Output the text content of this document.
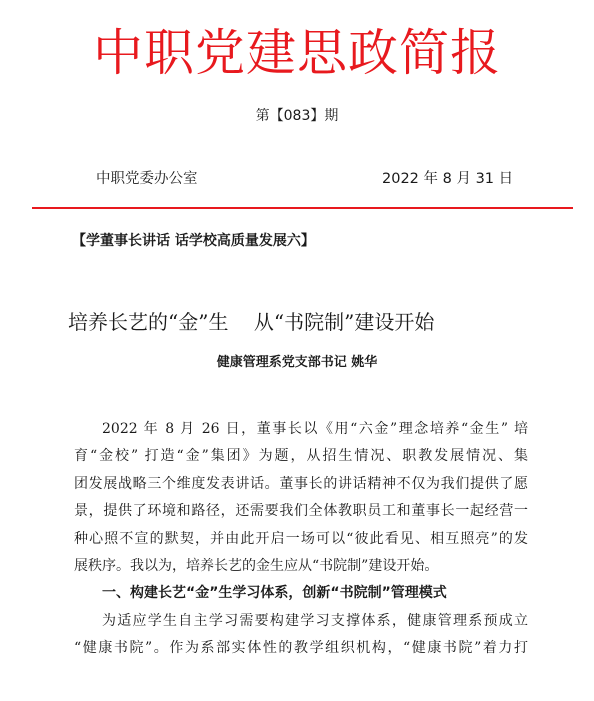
中职党建思政简报
第【083】期
中职党委办公室	2022 年 8 月 31 日
【学董事长讲话 话学校高质量发展六】
培养长艺的“金”生    从“书院制”建设开始
健康管理系党支部书记 姚华

2022 年 8 月 26 日，董事长以《用“六金”理念培养“金生” 培
育“金校” 打造“金”集团》为题，从招生情况、职教发展情况、集
团发展战略三个维度发表讲话。董事长的讲话精神不仅为我们提供了愿
景，提供了环境和路径，还需要我们全体教职员工和董事长一起经营一
种心照不宣的默契，并由此开启一场可以“彼此看见、相互照亮”的发
展秩序。我以为，培养长艺的金生应从“书院制”建设开始。

一、构建长艺“金”生学习体系，创新“书院制”管理模式

为适应学生自主学习需要构建学习支撑体系，健康管理系预成立
“健康书院”。作为系部实体性的教学组织机构，“健康书院”着力打
